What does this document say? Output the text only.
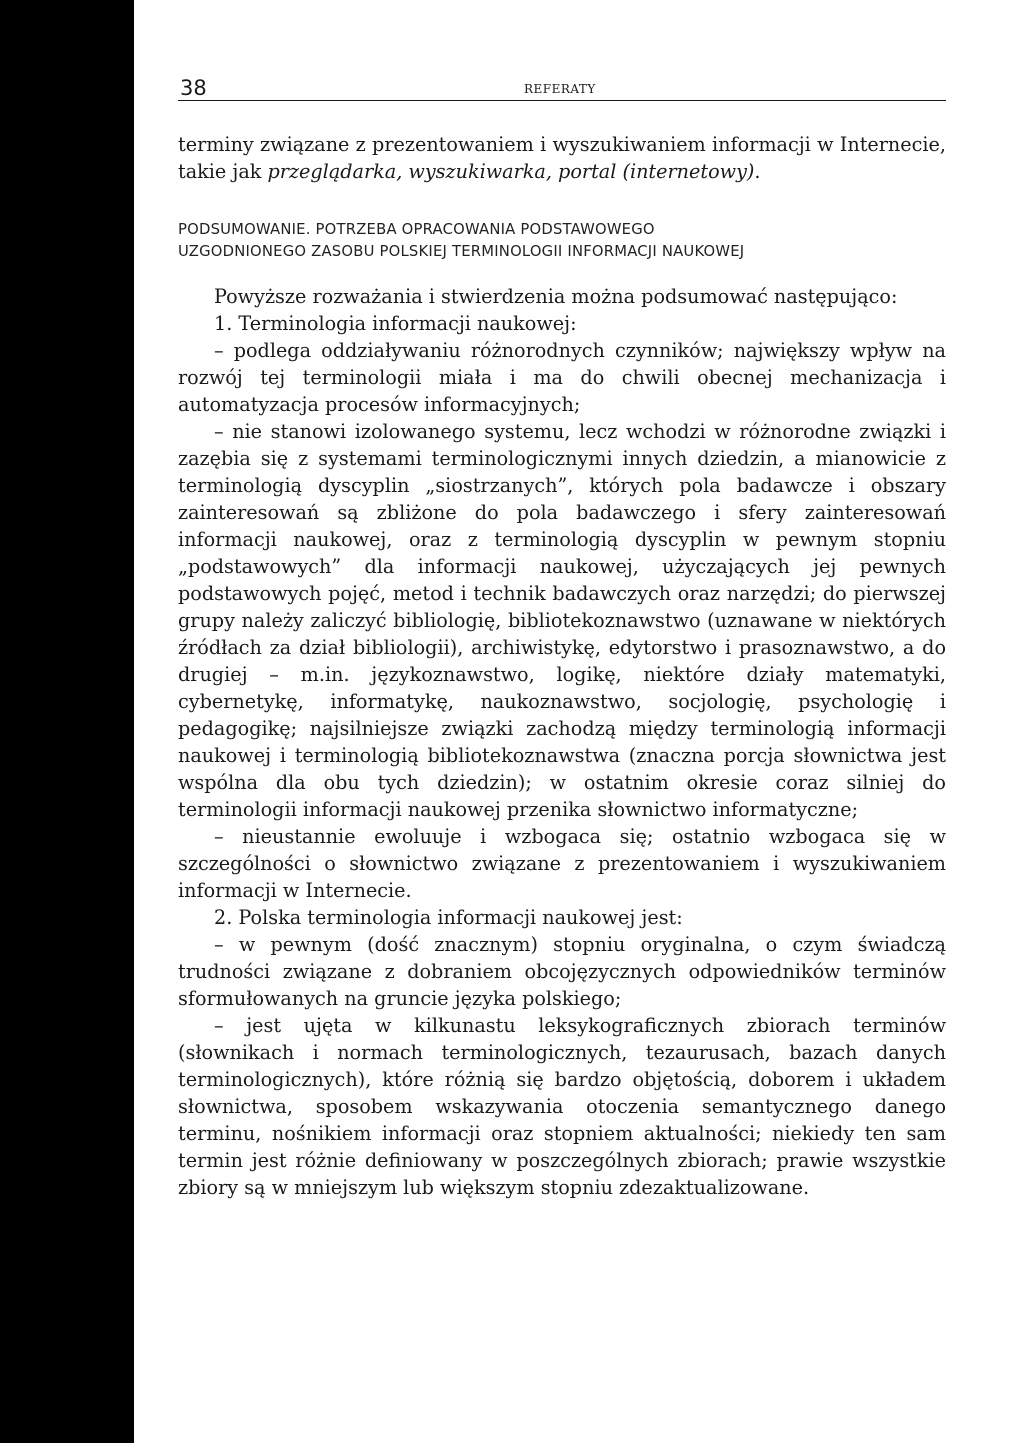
38	REFERATY

terminy związane z prezentowaniem i wyszukiwaniem informacji w Internecie, takie jak przeglądarka, wyszukiwarka, portal (internetowy).

PODSUMOWANIE. POTRZEBA OPRACOWANIA PODSTAWOWEGO
UZGODNIONEGO ZASOBU POLSKIEJ TERMINOLOGII INFORMACJI NAUKOWEJ

Powyższe rozważania i stwierdzenia można podsumować następująco:

1. Terminologia informacji naukowej:

– podlega oddziaływaniu różnorodnych czynników; największy wpływ na rozwój tej terminologii miała i ma do chwili obecnej mechanizacja i automatyzacja procesów informacyjnych;

– nie stanowi izolowanego systemu, lecz wchodzi w różnorodne związki i zazębia się z systemami terminologicznymi innych dziedzin, a mianowicie z terminologią dyscyplin „siostrzanych”, których pola badawcze i obszary zainteresowań są zbliżone do pola badawczego i sfery zainteresowań informacji naukowej, oraz z terminologią dyscyplin w pewnym stopniu „podstawowych” dla informacji naukowej, użyczających jej pewnych podstawowych pojęć, metod i technik badawczych oraz narzędzi; do pierwszej grupy należy zaliczyć bibliologię, bibliotekoznawstwo (uznawane w niektórych źródłach za dział bibliologii), archiwistykę, edytorstwo i prasoznawstwo, a do drugiej – m.in. językoznawstwo, logikę, niektóre działy matematyki, cybernetykę, informatykę, naukoznawstwo, socjologię, psychologię i pedagogikę; najsilniejsze związki zachodzą między terminologią informacji naukowej i terminologią bibliotekoznawstwa (znaczna porcja słownictwa jest wspólna dla obu tych dziedzin); w ostatnim okresie coraz silniej do terminologii informacji naukowej przenika słownictwo informatyczne;

– nieustannie ewoluuje i wzbogaca się; ostatnio wzbogaca się w szczególności o słownictwo związane z prezentowaniem i wyszukiwaniem informacji w Internecie.

2. Polska terminologia informacji naukowej jest:

– w pewnym (dość znacznym) stopniu oryginalna, o czym świadczą trudności związane z dobraniem obcojęzycznych odpowiedników terminów sformułowanych na gruncie języka polskiego;

– jest ujęta w kilkunastu leksykograficznych zbiorach terminów (słownikach i normach terminologicznych, tezaurusach, bazach danych terminologicznych), które różnią się bardzo objętością, doborem i układem słownictwa, sposobem wskazywania otoczenia semantycznego danego terminu, nośnikiem informacji oraz stopniem aktualności; niekiedy ten sam termin jest różnie definiowany w poszczególnych zbiorach; prawie wszystkie zbiory są w mniejszym lub większym stopniu zdezaktualizowane.
